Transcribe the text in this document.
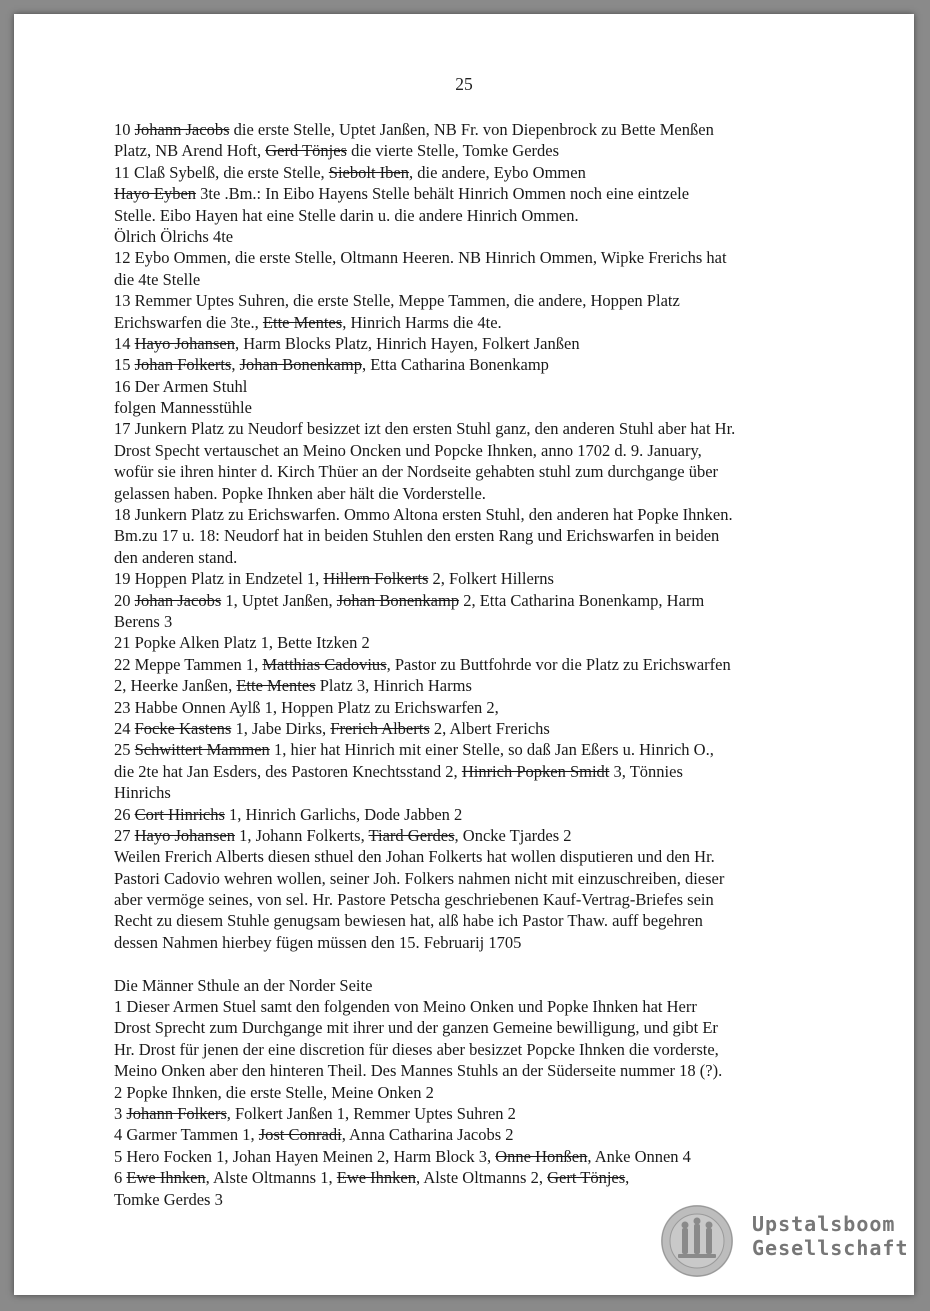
25
10 Johann Jacobs die erste Stelle, Uptet Janßen, NB Fr. von Diepenbrock zu Bette Menßen
Platz, NB Arend Hoft, Gerd Tönjes die vierte Stelle, Tomke Gerdes
11 Claß Sybelß, die erste Stelle, Siebolt Iben, die andere, Eybo Ommen
Hayo Eyben 3te .Bm.: In Eibo Hayens Stelle behält Hinrich Ommen noch eine eintzele
Stelle. Eibo Hayen hat eine Stelle darin u. die andere Hinrich Ommen.
Ölrich Ölrichs 4te
12 Eybo Ommen, die erste Stelle, Oltmann Heeren. NB Hinrich Ommen, Wipke Frerichs hat
die 4te Stelle
13 Remmer Uptes Suhren, die erste Stelle, Meppe Tammen, die andere, Hoppen Platz
Erichswarfen die 3te., Ette Mentes, Hinrich Harms die 4te.
14 Hayo Johansen, Harm Blocks Platz, Hinrich Hayen, Folkert Janßen
15 Johan Folkerts, Johan Bonenkamp, Etta Catharina Bonenkamp
16 Der Armen Stuhl
folgen Mannesstühle
17 Junkern Platz zu Neudorf besizzet izt den ersten Stuhl ganz, den anderen Stuhl aber hat Hr.
Drost Specht vertauschet an Meino Oncken und Popcke Ihnken, anno 1702 d. 9. January,
wofür sie ihren hinter d. Kirch Thüer an der Nordseite gehabten stuhl zum durchgange über
gelassen haben. Popke Ihnken aber hält die Vorderstelle.
18 Junkern Platz zu Erichswarfen. Ommo Altona ersten Stuhl, den anderen hat Popke Ihnken.
Bm.zu 17 u. 18: Neudorf hat in beiden Stuhlen den ersten Rang und Erichswarfen in beiden
den anderen stand.
19 Hoppen Platz in Endzetel 1, Hillern Folkerts 2, Folkert Hillerns
20 Johan Jacobs 1, Uptet Janßen, Johan Bonenkamp 2, Etta Catharina Bonenkamp, Harm
Berens 3
21 Popke Alken Platz 1, Bette Itzken 2
22 Meppe Tammen 1, Matthias Cadovius, Pastor zu Buttfohrde vor die Platz zu Erichswarfen
2, Heerke Janßen, Ette Mentes Platz 3, Hinrich Harms
23 Habbe Onnen Aylß 1, Hoppen Platz zu Erichswarfen 2,
24 Focke Kastens 1, Jabe Dirks, Frerich Alberts 2, Albert Frerichs
25 Schwittert Mammen 1, hier hat Hinrich mit einer Stelle, so daß Jan Eßers u. Hinrich O.,
die 2te hat Jan Esders, des Pastoren Knechtsstand 2, Hinrich Popken Smidt 3, Tönnies
Hinrichs
26 Cort Hinrichs 1, Hinrich Garlichs, Dode Jabben 2
27 Hayo Johansen 1, Johann Folkerts, Tiard Gerdes, Oncke Tjardes 2
Weilen Frerich Alberts diesen sthuel den Johan Folkerts hat wollen disputieren und den Hr.
Pastori Cadovio wehren wollen, seiner Joh. Folkers nahmen nicht mit einzuschreiben, dieser
aber vermöge seines, von sel. Hr. Pastore Petscha geschriebenen Kauf-Vertrag-Briefes sein
Recht zu diesem Stuhle genugsam bewiesen hat, alß habe ich Pastor Thaw. auff begehren
dessen Nahmen hierbey fügen müssen den 15. Februarij 1705
Die Männer Sthule an der Norder Seite
1 Dieser Armen Stuel samt den folgenden von Meino Onken und Popke Ihnken hat Herr
Drost Sprecht zum Durchgange mit ihrer und der ganzen Gemeine bewilligung, und gibt Er
Hr. Drost für jenen der eine discretion für dieses aber besizzet Popcke Ihnken die vorderste,
Meino Onken aber den hinteren Theil. Des Mannes Stuhls an der Süderseite nummer 18 (?).
2 Popke Ihnken, die erste Stelle, Meine Onken 2
3 Johann Folkers, Folkert Janßen 1, Remmer Uptes Suhren 2
4 Garmer Tammen 1, Jost Conradi, Anna Catharina Jacobs 2
5 Hero Focken 1, Johan Hayen Meinen 2, Harm Block 3, Onne Honßen, Anke Onnen 4
6 Ewe Ihnken, Alste Oltmanns 1, Ewe Ihnken, Alste Oltmanns 2, Gert Tönjes,
Tomke Gerdes 3
Upstalsboom
Gesellschaft
